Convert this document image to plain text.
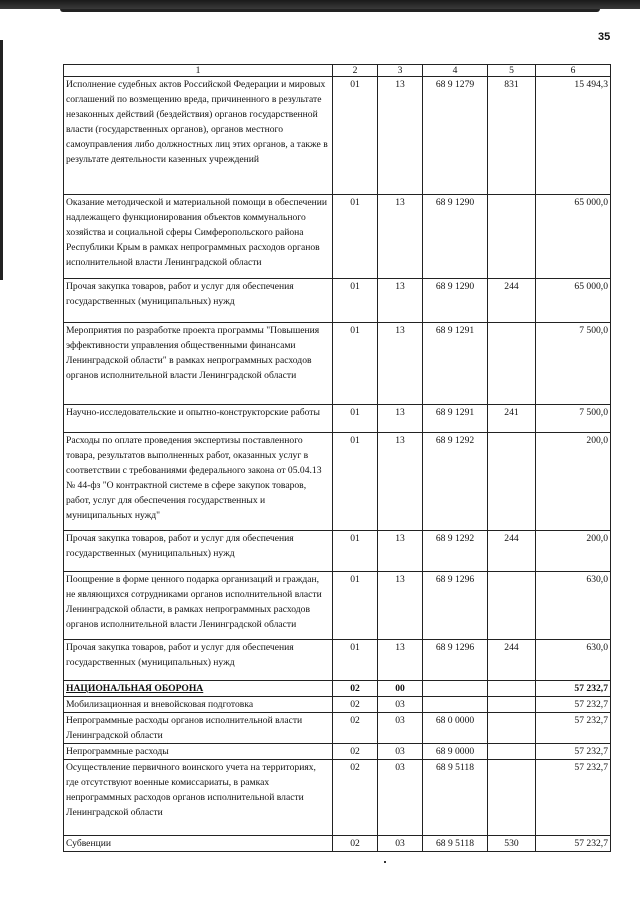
35
1	2	3	4	5	6
Исполнение судебных актов Российской Федерации и мировых соглашений по возмещению вреда, причиненного в результате незаконных действий (бездействия) органов государственной власти (государственных органов), органов местного самоуправления либо должностных лиц этих органов, а также в результате деятельности казенных учреждений	01	13	68 9 1279	831	15 494,3
Оказание методической и материальной помощи в обеспечении надлежащего функционирования объектов коммунального хозяйства и социальной сферы Симферопольского района Республики Крым в рамках непрограммных расходов органов исполнительной власти Ленинградской области	01	13	68 9 1290		65 000,0
Прочая закупка товаров, работ и услуг для обеспечения государственных (муниципальных) нужд	01	13	68 9 1290	244	65 000,0
Мероприятия по разработке проекта программы "Повышения эффективности управления общественными финансами Ленинградской области" в рамках непрограммных расходов органов исполнительной власти Ленинградской области	01	13	68 9 1291		7 500,0
Научно-исследовательские и опытно-конструкторские работы	01	13	68 9 1291	241	7 500,0
Расходы по оплате проведения экспертизы поставленного товара, результатов выполненных работ, оказанных услуг в соответствии с требованиями федерального закона от 05.04.13 № 44-фз "О контрактной системе в сфере закупок товаров, работ, услуг для обеспечения государственных и муниципальных нужд"	01	13	68 9 1292		200,0
Прочая закупка товаров, работ и услуг для обеспечения государственных (муниципальных) нужд	01	13	68 9 1292	244	200,0
Поощрение в форме ценного подарка организаций и граждан, не являющихся сотрудниками органов исполнительной власти Ленинградской области, в рамках непрограммных расходов органов исполнительной власти Ленинградской области	01	13	68 9 1296		630,0
Прочая закупка товаров, работ и услуг для обеспечения государственных (муниципальных) нужд	01	13	68 9 1296	244	630,0
НАЦИОНАЛЬНАЯ ОБОРОНА	02	00			57 232,7
Мобилизационная и вневойсковая подготовка	02	03			57 232,7
Непрограммные расходы органов исполнительной власти Ленинградской области	02	03	68 0 0000		57 232,7
Непрограммные расходы	02	03	68 9 0000		57 232,7
Осуществление первичного воинского учета на территориях, где отсутствуют военные комиссариаты, в рамках непрограммных расходов органов исполнительной власти Ленинградской области	02	03	68 9 5118		57 232,7
Субвенции	02	03	68 9 5118	530	57 232,7
